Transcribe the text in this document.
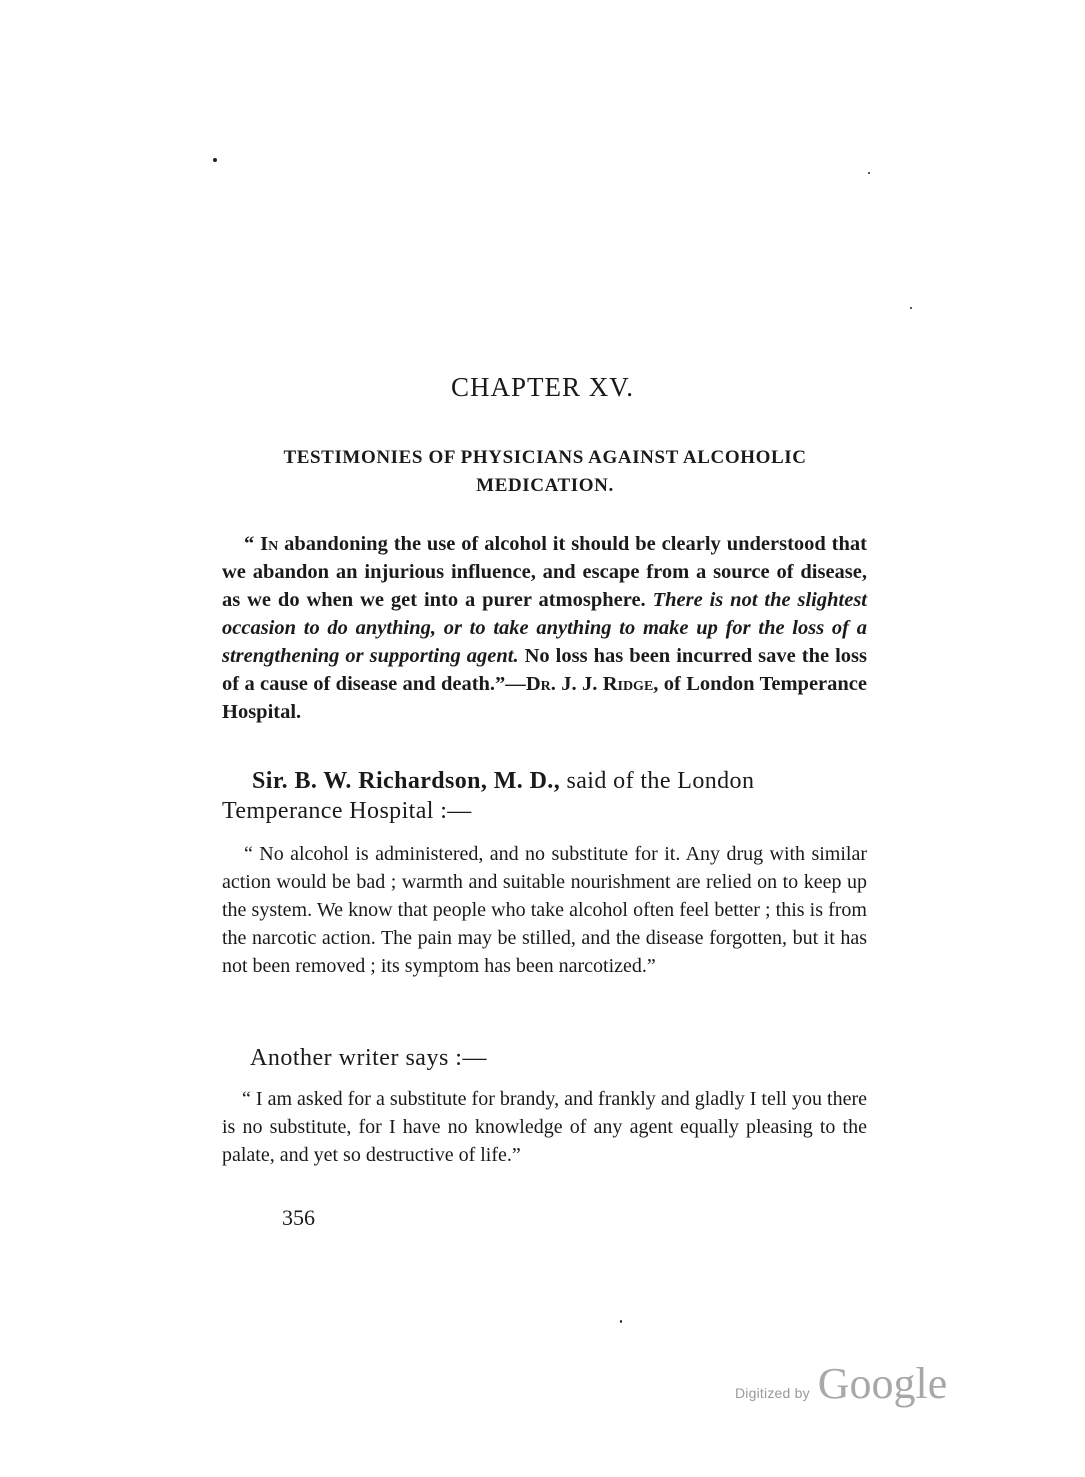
CHAPTER XV.
TESTIMONIES OF PHYSICIANS AGAINST ALCOHOLIC
MEDICATION.
“ In abandoning the use of alcohol it should be clearly understood that we abandon an injurious influence, and escape from a source of disease, as we do when we get into a purer atmosphere. There is not the slightest occasion to do anything, or to take anything to make up for the loss of a strengthening or supporting agent. No loss has been incurred save the loss of a cause of disease and death.”—Dr. J. J. Ridge, of London Temperance Hospital.
Sir. B. W. Richardson, M. D., said of the London Temperance Hospital :—
“ No alcohol is administered, and no substitute for it. Any drug with similar action would be bad ; warmth and suitable nourishment are relied on to keep up the system. We know that people who take alcohol often feel better ; this is from the narcotic action. The pain may be stilled, and the disease forgotten, but it has not been removed ; its symptom has been narcotized.”
Another writer says :—
“ I am asked for a substitute for brandy, and frankly and gladly I tell you there is no substitute, for I have no knowledge of any agent equally pleasing to the palate, and yet so destructive of life.”
356
Digitized by Google
